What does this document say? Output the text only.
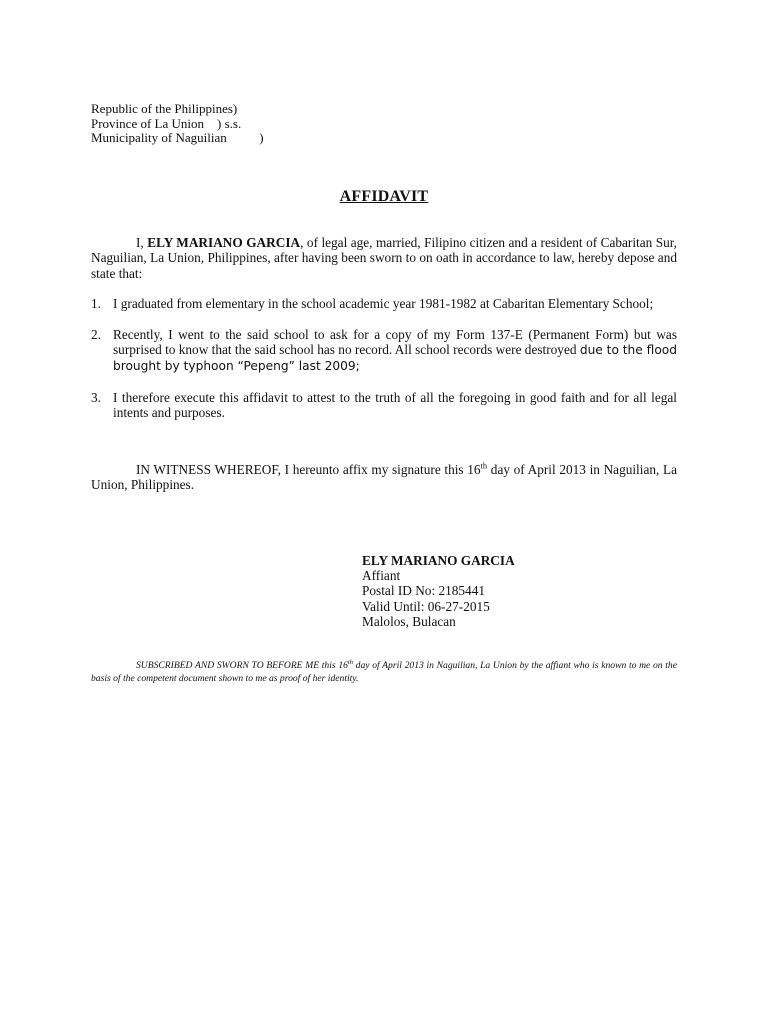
Republic of the Philippines)
Province of La Union    ) s.s.
Municipality of Naguilian          )
AFFIDAVIT
I, ELY MARIANO GARCIA, of legal age, married, Filipino citizen and a resident of Cabaritan Sur, Naguilian, La Union, Philippines, after having been sworn to on oath in accordance to law, hereby depose and state that:
1. I graduated from elementary in the school academic year 1981-1982 at Cabaritan Elementary School;
2. Recently, I went to the said school to ask for a copy of my Form 137-E (Permanent Form) but was surprised to know that the said school has no record. All school records were destroyed due to the flood brought by typhoon “Pepeng” last 2009;
3. I therefore execute this affidavit to attest to the truth of all the foregoing in good faith and for all legal intents and purposes.
IN WITNESS WHEREOF, I hereunto affix my signature this 16th day of April 2013 in Naguilian, La Union, Philippines.
ELY MARIANO GARCIA
Affiant
Postal ID No: 2185441
Valid Until: 06-27-2015
Malolos, Bulacan
SUBSCRIBED AND SWORN TO BEFORE ME this 16th day of April 2013 in Naguilian, La Union by the affiant who is known to me on the basis of the competent document shown to me as proof of her identity.
